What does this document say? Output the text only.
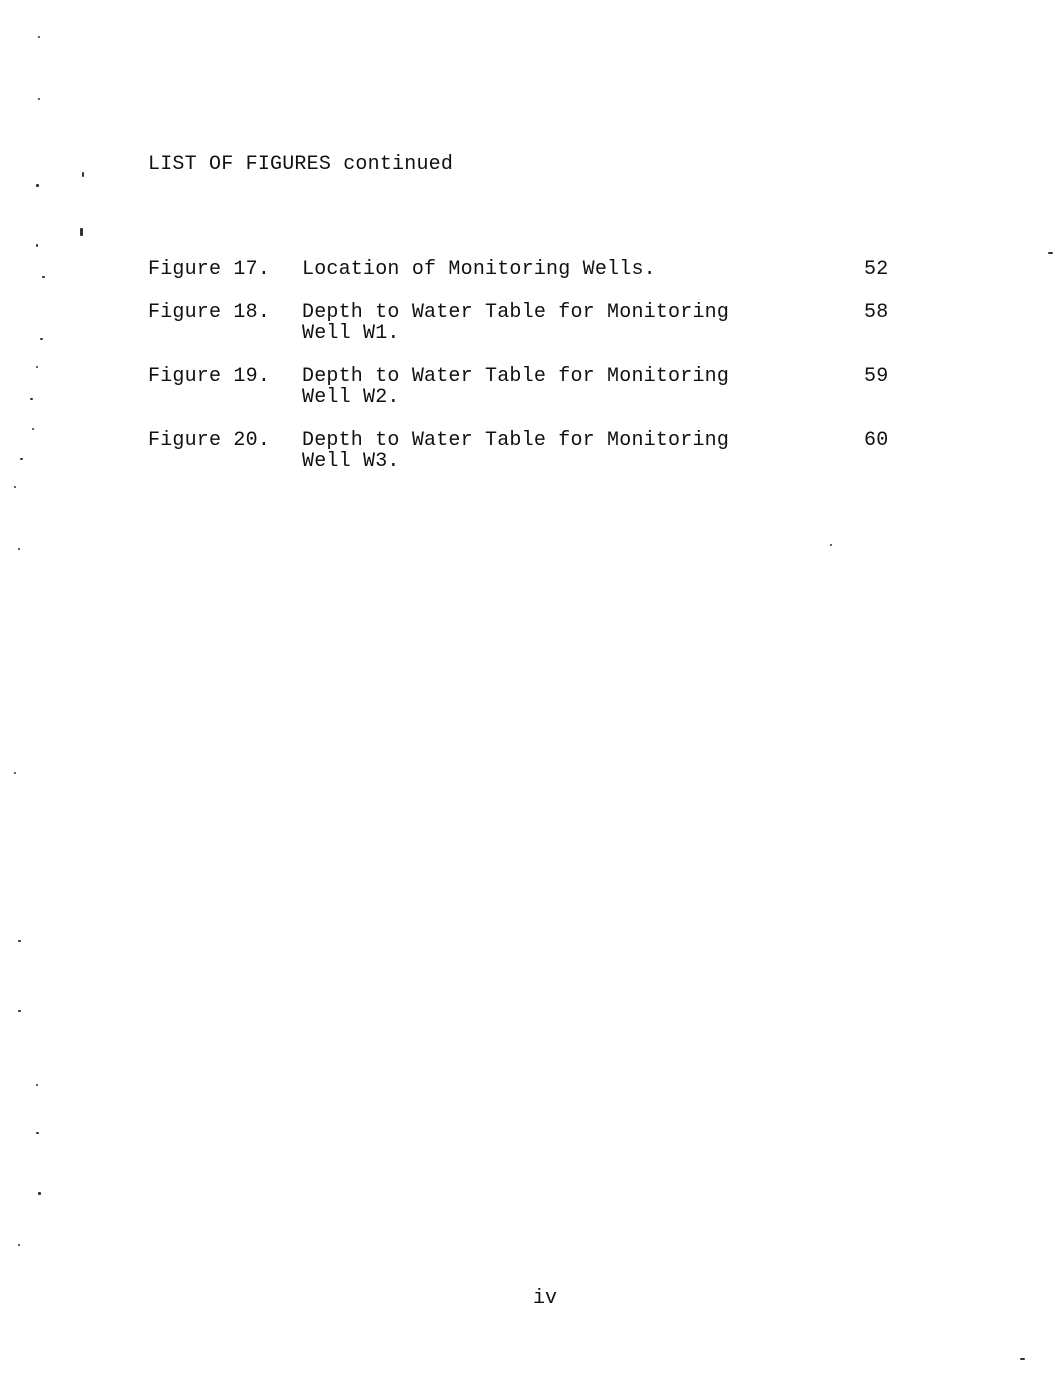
LIST OF FIGURES continued
Figure 17. Location of Monitoring Wells.	52
Figure 18. Depth to Water Table for Monitoring
Well W1.
58
Figure 19. Depth to Water Table for Monitoring
Well W2.
59
Figure 20. Depth to Water Table for Monitoring
Well W3.
60
iv
